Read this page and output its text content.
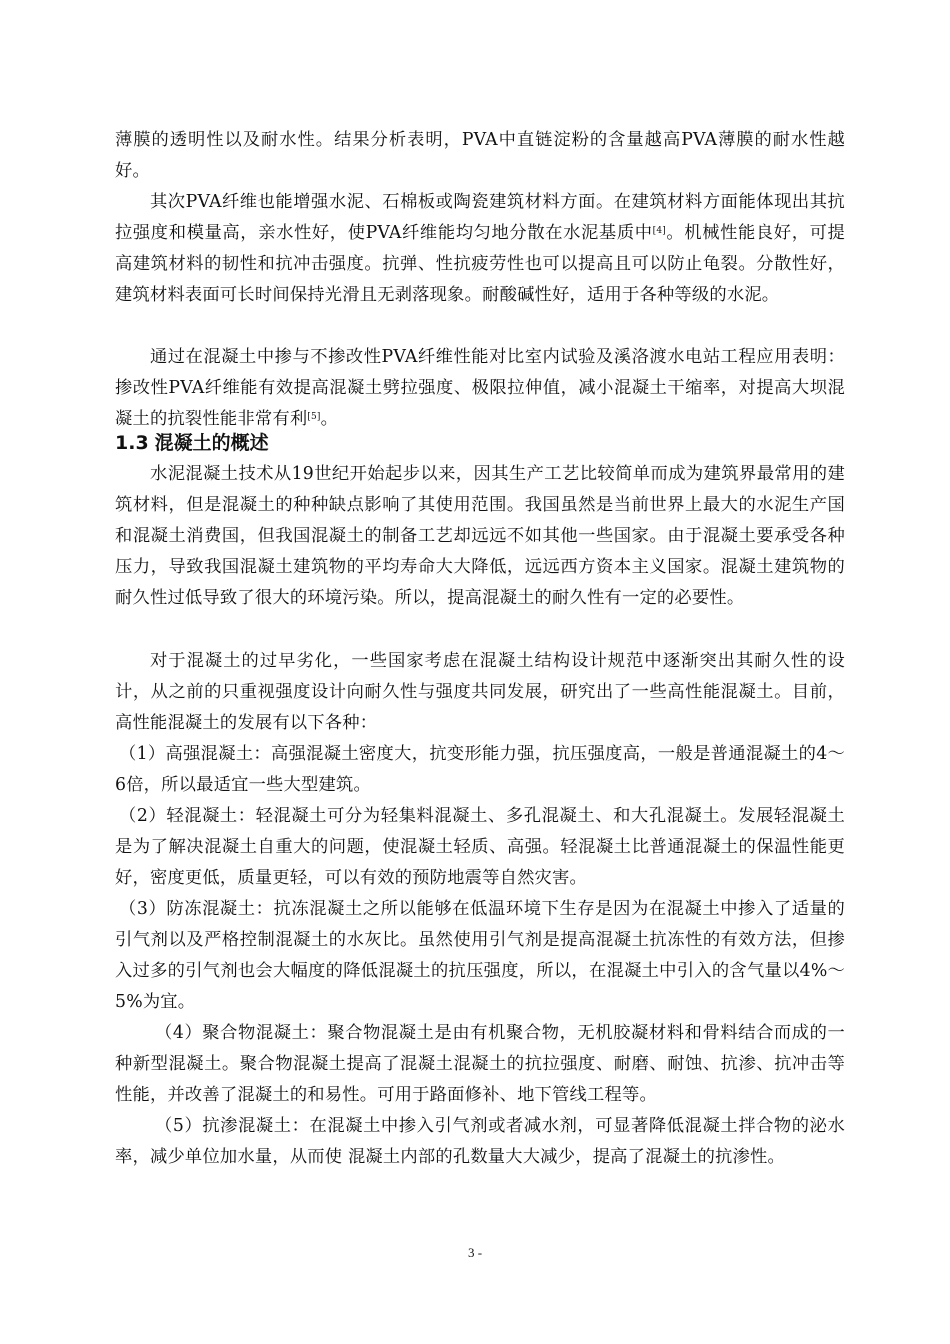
薄膜的透明性以及耐水性。结果分析表明，PVA中直链淀粉的含量越高PVA薄膜的耐水性越好。

其次PVA纤维也能增强水泥、石棉板或陶瓷建筑材料方面。在建筑材料方面能体现出其抗拉强度和模量高，亲水性好，使PVA纤维能均匀地分散在水泥基质中[4]。机械性能良好，可提高建筑材料的韧性和抗冲击强度。抗弹、性抗疲劳性也可以提高且可以防止龟裂。分散性好，建筑材料表面可长时间保持光滑且无剥落现象。耐酸碱性好，适用于各种等级的水泥。

通过在混凝土中掺与不掺改性PVA纤维性能对比室内试验及溪洛渡水电站工程应用表明：掺改性PVA纤维能有效提高混凝土劈拉强度、极限拉伸值，减小混凝土干缩率，对提高大坝混凝土的抗裂性能非常有利[5]。

1.3 混凝土的概述

水泥混凝土技术从19世纪开始起步以来，因其生产工艺比较简单而成为建筑界最常用的建筑材料，但是混凝土的种种缺点影响了其使用范围。我国虽然是当前世界上最大的水泥生产国和混凝土消费国，但我国混凝土的制备工艺却远远不如其他一些国家。由于混凝土要承受各种压力，导致我国混凝土建筑物的平均寿命大大降低，远远西方资本主义国家。混凝土建筑物的耐久性过低导致了很大的环境污染。所以，提高混凝土的耐久性有一定的必要性。

对于混凝土的过早劣化，一些国家考虑在混凝土结构设计规范中逐渐突出其耐久性的设计，从之前的只重视强度设计向耐久性与强度共同发展，研究出了一些高性能混凝土。目前，高性能混凝土的发展有以下各种：

（1）高强混凝土：高强混凝土密度大，抗变形能力强，抗压强度高，一般是普通混凝土的4～6倍，所以最适宜一些大型建筑。

（2）轻混凝土：轻混凝土可分为轻集料混凝土、多孔混凝土、和大孔混凝土。发展轻混凝土是为了解决混凝土自重大的问题，使混凝土轻质、高强。轻混凝土比普通混凝土的保温性能更好，密度更低，质量更轻，可以有效的预防地震等自然灾害。

（3）防冻混凝土：抗冻混凝土之所以能够在低温环境下生存是因为在混凝土中掺入了适量的引气剂以及严格控制混凝土的水灰比。虽然使用引气剂是提高混凝土抗冻性的有效方法，但掺入过多的引气剂也会大幅度的降低混凝土的抗压强度，所以，在混凝土中引入的含气量以4%～5%为宜。

（4）聚合物混凝土：聚合物混凝土是由有机聚合物，无机胶凝材料和骨料结合而成的一种新型混凝土。聚合物混凝土提高了混凝土混凝土的抗拉强度、耐磨、耐蚀、抗渗、抗冲击等性能，并改善了混凝土的和易性。可用于路面修补、地下管线工程等。

（5）抗渗混凝土：在混凝土中掺入引气剂或者减水剂，可显著降低混凝土拌合物的泌水率，减少单位加水量，从而使 混凝土内部的孔数量大大减少，提高了混凝土的抗渗性。

3 -
